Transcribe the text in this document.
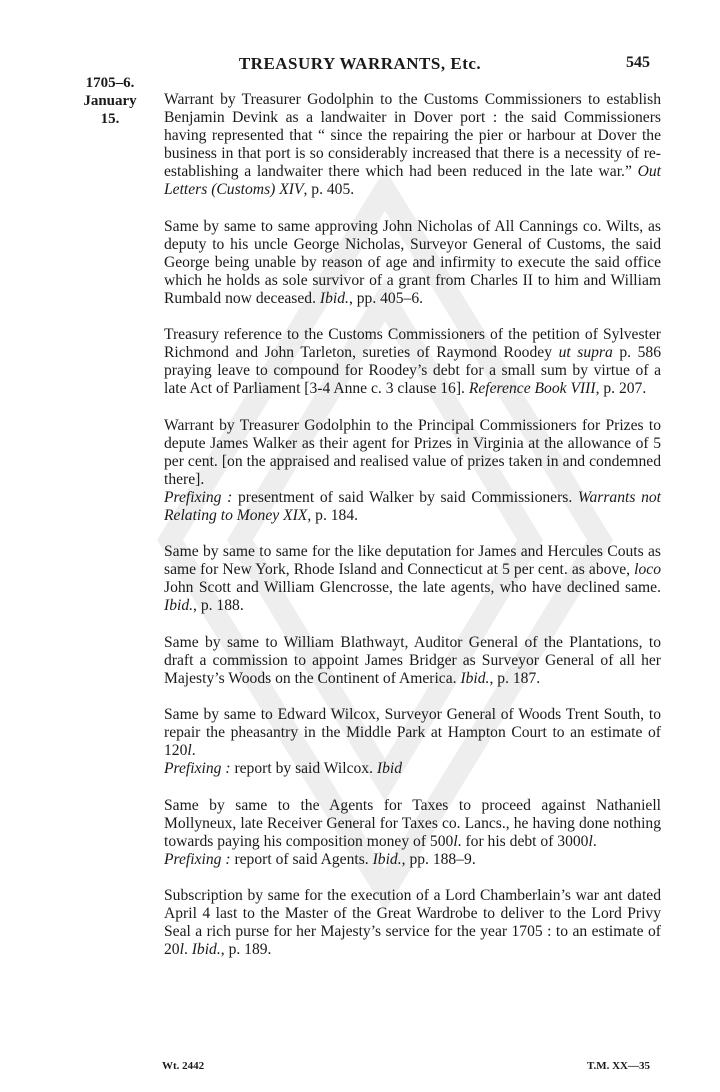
TREASURY WARRANTS, Etc.	545
1705–6.
January
15.

Warrant by Treasurer Godolphin to the Customs Commissioners to establish Benjamin Devink as a landwaiter in Dover port : the said Commissioners having represented that “ since the repairing the pier or harbour at Dover the business in that port is so considerably increased that there is a necessity of re-establishing a landwaiter there which had been reduced in the late war.” Out Letters (Customs) XIV, p. 405.

Same by same to same approving John Nicholas of All Cannings co. Wilts, as deputy to his uncle George Nicholas, Surveyor General of Customs, the said George being unable by reason of age and infirmity to execute the said office which he holds as sole survivor of a grant from Charles II to him and William Rumbald now deceased. Ibid., pp. 405–6.

Treasury reference to the Customs Commissioners of the petition of Sylvester Richmond and John Tarleton, sureties of Raymond Roodey ut supra p. 586 praying leave to compound for Roodey’s debt for a small sum by virtue of a late Act of Parliament [3-4 Anne c. 3 clause 16]. Reference Book VIII, p. 207.

Warrant by Treasurer Godolphin to the Principal Commissioners for Prizes to depute James Walker as their agent for Prizes in Virginia at the allowance of 5 per cent. [on the appraised and realised value of prizes taken in and condemned there].

Prefixing : presentment of said Walker by said Commissioners. Warrants not Relating to Money XIX, p. 184.

Same by same to same for the like deputation for James and Hercules Couts as same for New York, Rhode Island and Connecticut at 5 per cent. as above, loco John Scott and William Glencrosse, the late agents, who have declined same. Ibid., p. 188.

Same by same to William Blathwayt, Auditor General of the Plantations, to draft a commission to appoint James Bridger as Surveyor General of all her Majesty’s Woods on the Continent of America. Ibid., p. 187.

Same by same to Edward Wilcox, Surveyor General of Woods Trent South, to repair the pheasantry in the Middle Park at Hampton Court to an estimate of 120l.

Prefixing : report by said Wilcox. Ibid

Same by same to the Agents for Taxes to proceed against Nathaniell Mollyneux, late Receiver General for Taxes co. Lancs., he having done nothing towards paying his composition money of 500l. for his debt of 3000l.

Prefixing : report of said Agents. Ibid., pp. 188–9.

Subscription by same for the execution of a Lord Chamberlain’s war ant dated April 4 last to the Master of the Great Wardrobe to deliver to the Lord Privy Seal a rich purse for her Majesty’s service for the year 1705 : to an estimate of 20l. Ibid., p. 189.

Wt. 2442	T.M. XX—35
